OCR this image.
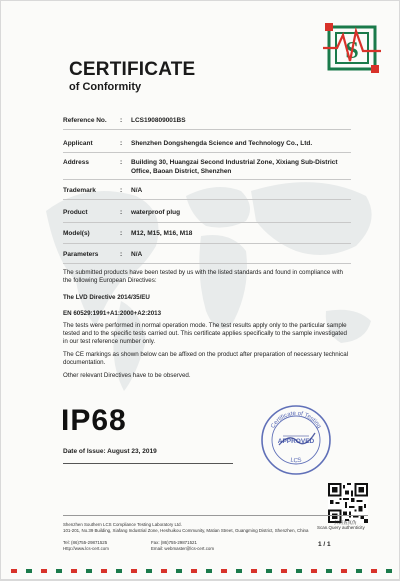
S
CERTIFICATE
of Conformity
Reference No. : LCS190809001BS
Applicant	: Shenzhen Dongshengda Science and Technology Co., Ltd.
Address	: Building 30, Huangzai Second Industrial Zone, Xixiang Sub-District Office, Baoan District, Shenzhen
Trademark	: N/A
Product	: waterproof plug
Model(s)	: M12, M15, M16, M18
Parameters	: N/A
The submitted products have been tested by us with the listed standards and found in compliance with the following European Directives:
The LVD Directive 2014/35/EU
EN 60529:1991+A1:2000+A2:2013
The tests were performed in normal operation mode. The test results apply only to the particular sample tested and to the specific tests carried out. This certificate applies specifically to the sample investigated in our test reference number only.
The CE markings as shown below can be affixed on the product after preparation of necessary technical documentation.
Other relevant Directives have to be observed.
IP68	Certificate of Testing
LCS
APPROVED
Date of Issue: August 23, 2019
扫码查真伪
Scan.Query authenticity
Shenzhen Southern LCS Compliance Testing Laboratory Ltd.
101-201, No.39 Building, Xiafang Industrial Zone, Heshuikou Community, Matian Street, Guangming District, Shenzhen, China
Tel: (86)755-29871525	Fax: (86)755-29871521
Http://www.lcs-cert.com	Email: webmaster@lcs-cert.com
1 / 1
